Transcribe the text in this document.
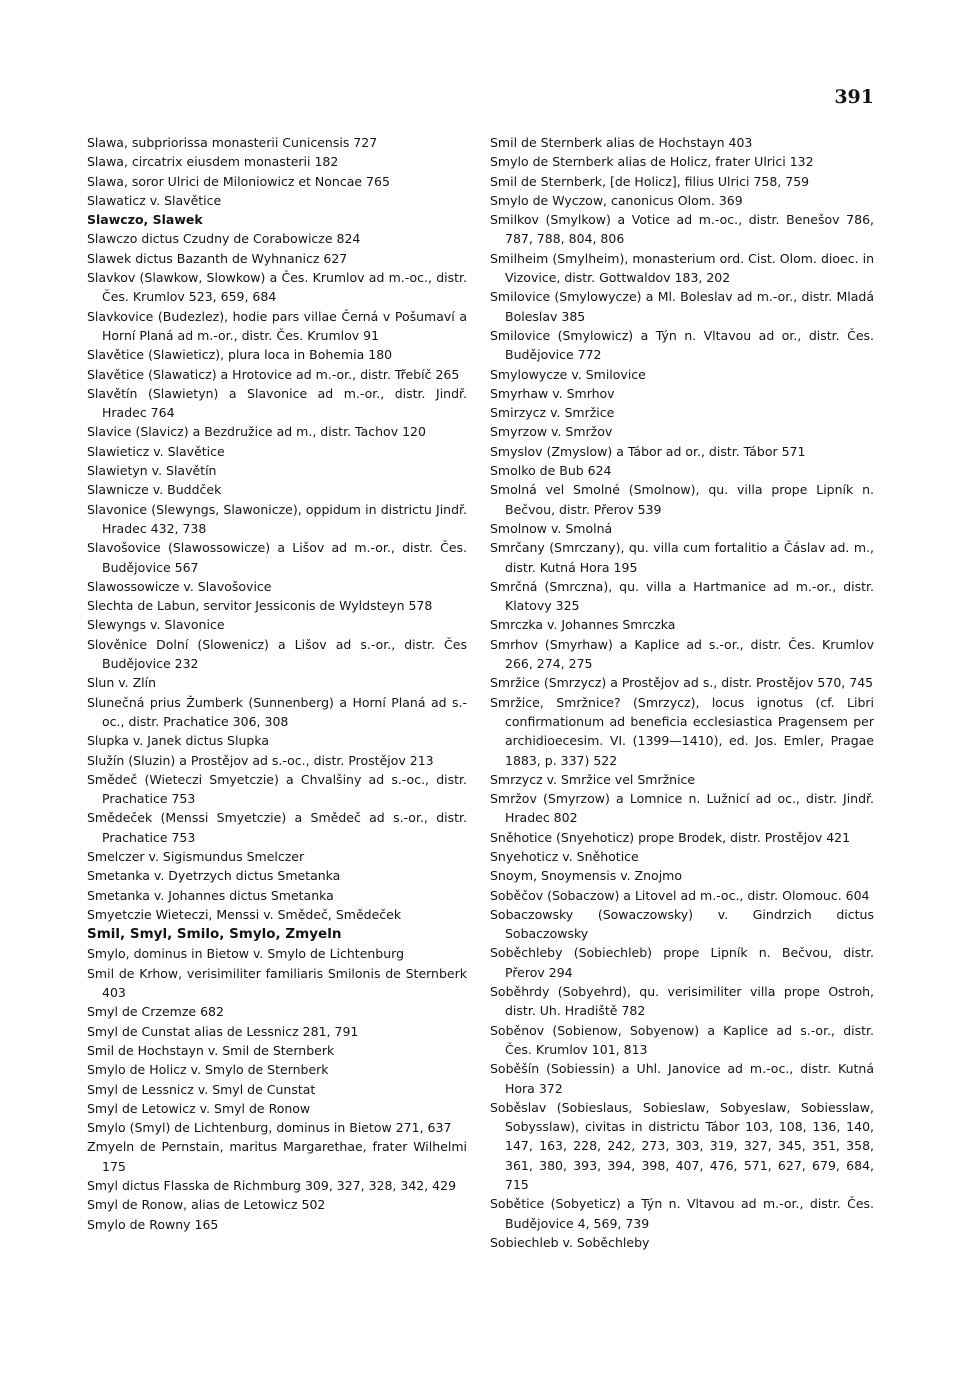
391
Slawa, subpriorissa monasterii Cunicensis 727
Slawa, circatrix eiusdem monasterii 182
Slawa, soror Ulrici de Miloniowicz et Noncae 765
Slawaticz v. Slavětice
Slawczo, Slawek
Slawczo dictus Czudny de Corabowicze 824
Slawek dictus Bazanth de Wyhnanicz 627
Slavkov (Slawkow, Slowkow) a Čes. Krumlov ad m.-oc., distr. Čes. Krumlov 523, 659, 684
Slavkovice (Budezlez), hodie pars villae Černá v Pošumaví a Horní Planá ad m.-or., distr. Čes. Krumlov 91
Slavětice (Slawieticz), plura loca in Bohemia 180
Slavětice (Slawaticz) a Hrotovice ad m.-or., distr. Třebíč 265
Slavětín (Slawietyn) a Slavonice ad m.-or., distr. Jindř. Hradec 764
Slavice (Slavicz) a Bezdružice ad m., distr. Tachov 120
Slawieticz v. Slavětice
Slawietyn v. Slavětín
Slawnicze v. Buddček
Slavonice (Slewyngs, Slawonicze), oppidum in districtu Jindř. Hradec 432, 738
Slavošovice (Slawossowicze) a Lišov ad m.-or., distr. Čes. Budějovice 567
Slawossowicze v. Slavošovice
Slechta de Labun, servitor Jessiconis de Wyldsteyn 578
Slewyngs v. Slavonice
Slověnice Dolní (Slowenicz) a Lišov ad s.-or., distr. Čes Budějovice 232
Slun v. Zlín
Slunečná prius Žumberk (Sunnenberg) a Horní Planá ad s.-oc., distr. Prachatice 306, 308
Slupka v. Janek dictus Slupka
Služín (Sluzin) a Prostějov ad s.-oc., distr. Prostějov 213
Smědeč (Wieteczi Smyetczie) a Chvalšiny ad s.-oc., distr. Prachatice 753
Smědeček (Menssi Smyetczie) a Smědeč ad s.-or., distr. Prachatice 753
Smelczer v. Sigismundus Smelczer
Smetanka v. Dyetrzych dictus Smetanka
Smetanka v. Johannes dictus Smetanka
Smyetczie Wieteczi, Menssi v. Smědeč, Smědeček
Smil, Smyl, Smilo, Smylo, Zmyeln
Smylo, dominus in Bietow v. Smylo de Lichtenburg
Smil de Krhow, verisimiliter familiaris Smilonis de Sternberk 403
Smyl de Crzemze 682
Smyl de Cunstat alias de Lessnicz 281, 791
Smil de Hochstayn v. Smil de Sternberk
Smylo de Holicz v. Smylo de Sternberk
Smyl de Lessnicz v. Smyl de Cunstat
Smyl de Letowicz v. Smyl de Ronow
Smylo (Smyl) de Lichtenburg, dominus in Bietow 271, 637
Zmyeln de Pernstain, maritus Margarethae, frater Wilhelmi 175
Smyl dictus Flasska de Richmburg 309, 327, 328, 342, 429
Smyl de Ronow, alias de Letowicz 502
Smylo de Rowny 165
Smil de Sternberk alias de Hochstayn 403
Smylo de Sternberk alias de Holicz, frater Ulrici 132
Smil de Sternberk, [de Holicz], filius Ulrici 758, 759
Smylo de Wyczow, canonicus Olom. 369
Smilkov (Smylkow) a Votice ad m.-oc., distr. Benešov 786, 787, 788, 804, 806
Smilheim (Smylheim), monasterium ord. Cist. Olom. dioec. in Vizovice, distr. Gottwaldov 183, 202
Smilovice (Smylowycze) a Ml. Boleslav ad m.-or., distr. Mladá Boleslav 385
Smilovice (Smylowicz) a Týn n. Vltavou ad or., distr. Čes. Budějovice 772
Smylowycze v. Smilovice
Smyrhaw v. Smrhov
Smirzycz v. Smržice
Smyrzow v. Smržov
Smyslov (Zmyslow) a Tábor ad or., distr. Tábor 571
Smolko de Bub 624
Smolná vel Smolné (Smolnow), qu. villa prope Lipník n. Bečvou, distr. Přerov 539
Smolnow v. Smolná
Smrčany (Smrczany), qu. villa cum fortalitio a Čáslav ad. m., distr. Kutná Hora 195
Smrčná (Smrczna), qu. villa a Hartmanice ad m.-or., distr. Klatovy 325
Smrczka v. Johannes Smrczka
Smrhov (Smyrhaw) a Kaplice ad s.-or., distr. Čes. Krumlov 266, 274, 275
Smržice (Smrzycz) a Prostějov ad s., distr. Prostějov 570, 745
Smržice, Smržnice? (Smrzycz), locus ignotus (cf. Libri confirmationum ad beneficia ecclesiastica Pragensem per archidioecesim. VI. (1399—1410), ed. Jos. Emler, Pragae 1883, p. 337) 522
Smrzycz v. Smržice vel Smržnice
Smržov (Smyrzow) a Lomnice n. Lužnicí ad oc., distr. Jindř. Hradec 802
Sněhotice (Snyehoticz) prope Brodek, distr. Prostějov 421
Snyehoticz v. Sněhotice
Snoym, Snoymensis v. Znojmo
Soběčov (Sobaczow) a Litovel ad m.-oc., distr. Olomouc. 604
Sobaczowsky (Sowaczowsky) v. Gindrzich dictus Sobaczowsky
Soběchleby (Sobiechleb) prope Lipník n. Bečvou, distr. Přerov 294
Soběhrdy (Sobyehrd), qu. verisimiliter villa prope Ostroh, distr. Uh. Hradiště 782
Soběnov (Sobienow, Sobyenow) a Kaplice ad s.-or., distr. Čes. Krumlov 101, 813
Soběšín (Sobiessin) a Uhl. Janovice ad m.-oc., distr. Kutná Hora 372
Soběslav (Sobieslaus, Sobieslaw, Sobyeslaw, Sobiesslaw, Sobysslaw), civitas in districtu Tábor 103, 108, 136, 140, 147, 163, 228, 242, 273, 303, 319, 327, 345, 351, 358, 361, 380, 393, 394, 398, 407, 476, 571, 627, 679, 684, 715
Sobětice (Sobyeticz) a Týn n. Vltavou ad m.-or., distr. Čes. Budějovice 4, 569, 739
Sobiechleb v. Soběchleby
